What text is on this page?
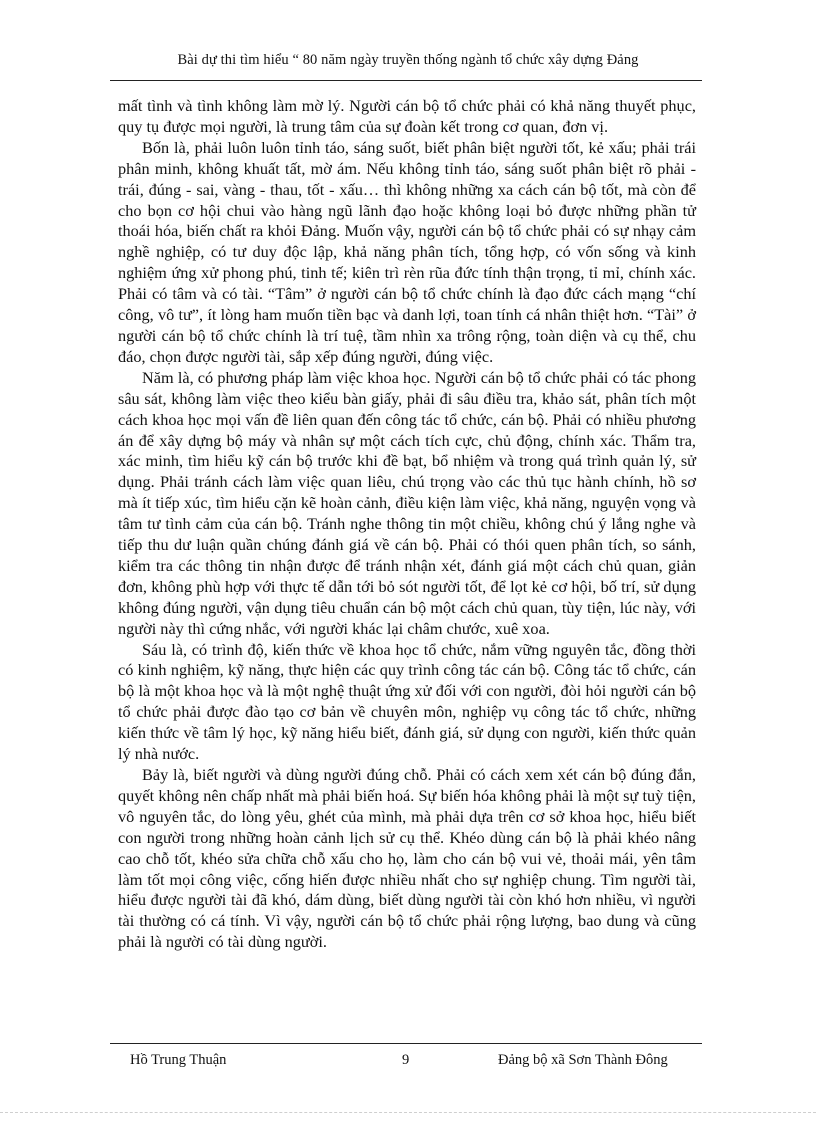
Bài dự thi tìm hiểu “ 80 năm ngày truyền thống ngành tổ chức xây dựng Đảng

mất tình và tình không làm mờ lý. Người cán bộ tổ chức phải có khả năng thuyết phục, quy tụ được mọi người, là trung tâm của sự đoàn kết trong cơ quan, đơn vị.

Bốn là, phải luôn luôn tỉnh táo, sáng suốt, biết phân biệt người tốt, kẻ xấu; phải trái phân minh, không khuất tất, mờ ám. Nếu không tỉnh táo, sáng suốt phân biệt rõ phải - trái, đúng - sai, vàng - thau, tốt - xấu… thì không những xa cách cán bộ tốt, mà còn để cho bọn cơ hội chui vào hàng ngũ lãnh đạo hoặc không loại bỏ được những phần tử thoái hóa, biến chất ra khỏi Đảng. Muốn vậy, người cán bộ tổ chức phải có sự nhạy cảm nghề nghiệp, có tư duy độc lập, khả năng phân tích, tổng hợp, có vốn sống và kinh nghiệm ứng xử phong phú, tinh tế; kiên trì rèn rũa đức tính thận trọng, tỉ mỉ, chính xác. Phải có tâm và có tài. “Tâm” ở người cán bộ tổ chức chính là đạo đức cách mạng “chí công, vô tư”, ít lòng ham muốn tiền bạc và danh lợi, toan tính cá nhân thiệt hơn. “Tài” ở người cán bộ tổ chức chính là trí tuệ, tầm nhìn xa trông rộng, toàn diện và cụ thể, chu đáo, chọn được người tài, sắp xếp đúng người, đúng việc.

Năm là, có phương pháp làm việc khoa học. Người cán bộ tổ chức phải có tác phong sâu sát, không làm việc theo kiểu bàn giấy, phải đi sâu điều tra, khảo sát, phân tích một cách khoa học mọi vấn đề liên quan đến công tác tổ chức, cán bộ. Phải có nhiều phương án để xây dựng bộ máy và nhân sự một cách tích cực, chủ động, chính xác. Thẩm tra, xác minh, tìm hiểu kỹ cán bộ trước khi đề bạt, bổ nhiệm và trong quá trình quản lý, sử dụng. Phải tránh cách làm việc quan liêu, chú trọng vào các thủ tục hành chính, hồ sơ mà ít tiếp xúc, tìm hiểu cặn kẽ hoàn cảnh, điều kiện làm việc, khả năng, nguyện vọng và tâm tư tình cảm của cán bộ. Tránh nghe thông tin một chiều, không chú ý lắng nghe và tiếp thu dư luận quần chúng đánh giá về cán bộ. Phải có thói quen phân tích, so sánh, kiểm tra các thông tin nhận được để tránh nhận xét, đánh giá một cách chủ quan, giản đơn, không phù hợp với thực tế dẫn tới bỏ sót người tốt, để lọt kẻ cơ hội, bố trí, sử dụng không đúng người, vận dụng tiêu chuẩn cán bộ một cách chủ quan, tùy tiện, lúc này, với người này thì cứng nhắc, với người khác lại châm chước, xuê xoa.

Sáu là, có trình độ, kiến thức về khoa học tổ chức, nắm vững nguyên tắc, đồng thời có kinh nghiệm, kỹ năng, thực hiện các quy trình công tác cán bộ. Công tác tổ chức, cán bộ là một khoa học và là một nghệ thuật ứng xử đối với con người, đòi hỏi người cán bộ tổ chức phải được đào tạo cơ bản về chuyên môn, nghiệp vụ công tác tổ chức, những kiến thức về tâm lý học, kỹ năng hiểu biết, đánh giá, sử dụng con người, kiến thức quản lý nhà nước.

Bảy là, biết người và dùng người đúng chỗ. Phải có cách xem xét cán bộ đúng đắn, quyết không nên chấp nhất mà phải biến hoá. Sự biến hóa không phải là một sự tuỳ tiện, vô nguyên tắc, do lòng yêu, ghét của mình, mà phải dựa trên cơ sở khoa học, hiểu biết con người trong những hoàn cảnh lịch sử cụ thể. Khéo dùng cán bộ là phải khéo nâng cao chỗ tốt, khéo sửa chữa chỗ xấu cho họ, làm cho cán bộ vui vẻ, thoải mái, yên tâm làm tốt mọi công việc, cống hiến được nhiều nhất cho sự nghiệp chung. Tìm người tài, hiểu được người tài đã khó, dám dùng, biết dùng người tài còn khó hơn nhiều, vì người tài thường có cá tính. Vì vậy, người cán bộ tổ chức phải rộng lượng, bao dung và cũng phải là người có tài dùng người.

Hồ Trung Thuận	9	Đảng bộ xã Sơn Thành Đông
